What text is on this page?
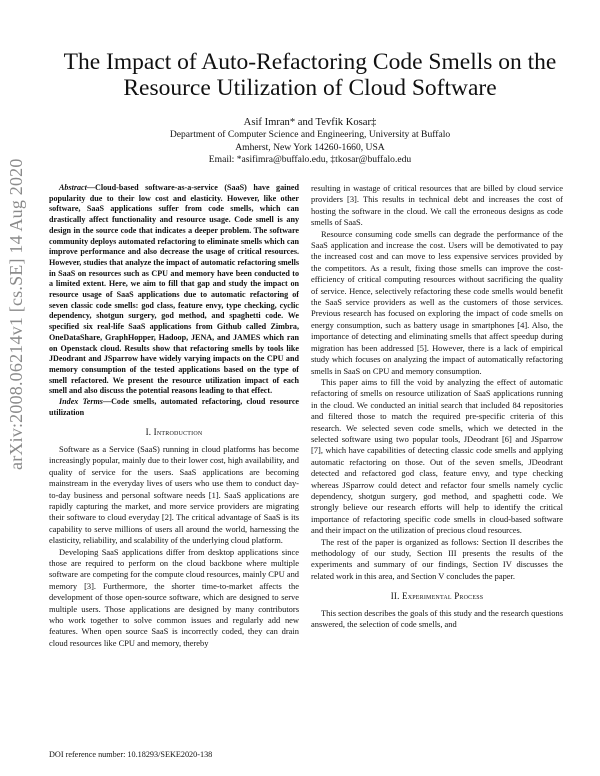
arXiv:2008.06214v1 [cs.SE] 14 Aug 2020
The Impact of Auto-Refactoring Code Smells on the Resource Utilization of Cloud Software
Asif Imran* and Tevfik Kosar‡
Department of Computer Science and Engineering, University at Buffalo
Amherst, New York 14260-1660, USA
Email: *asifimra@buffalo.edu, ‡tkosar@buffalo.edu

Abstract—Cloud-based software-as-a-service (SaaS) have gained popularity due to their low cost and elasticity. However, like other software, SaaS applications suffer from code smells, which can drastically affect functionality and resource usage. Code smell is any design in the source code that indicates a deeper problem. The software community deploys automated refactoring to eliminate smells which can improve performance and also decrease the usage of critical resources. However, studies that analyze the impact of automatic refactoring smells in SaaS on resources such as CPU and memory have been conducted to a limited extent. Here, we aim to fill that gap and study the impact on resource usage of SaaS applications due to automatic refactoring of seven classic code smells: god class, feature envy, type checking, cyclic dependency, shotgun surgery, god method, and spaghetti code. We specified six real-life SaaS applications from Github called Zimbra, OneDataShare, GraphHopper, Hadoop, JENA, and JAMES which ran on Openstack cloud. Results show that refactoring smells by tools like JDeodrant and JSparrow have widely varying impacts on the CPU and memory consumption of the tested applications based on the type of smell refactored. We present the resource utilization impact of each smell and also discuss the potential reasons leading to that effect.

Index Terms—Code smells, automated refactoring, cloud resource utilization

I. Introduction

Software as a Service (SaaS) running in cloud platforms has become increasingly popular, mainly due to their lower cost, high availability, and quality of service for the users. SaaS applications are becoming mainstream in the everyday lives of users who use them to conduct day-to-day business and personal software needs [1]. SaaS applications are rapidly capturing the market, and more service providers are migrating their software to cloud everyday [2]. The critical advantage of SaaS is its capability to serve millions of users all around the world, harnessing the elasticity, reliability, and scalability of the underlying cloud platform.

Developing SaaS applications differ from desktop applications since those are required to perform on the cloud backbone where multiple software are competing for the compute cloud resources, mainly CPU and memory [3]. Furthermore, the shorter time-to-market affects the development of those open-source software, which are designed to serve multiple users. Those applications are designed by many contributors who work together to solve common issues and regularly add new features. When open source SaaS is incorrectly coded, they can drain cloud resources like CPU and memory, thereby

resulting in wastage of critical resources that are billed by cloud service providers [3]. This results in technical debt and increases the cost of hosting the software in the cloud. We call the erroneous designs as code smells of SaaS.

Resource consuming code smells can degrade the performance of the SaaS application and increase the cost. Users will be demotivated to pay the increased cost and can move to less expensive services provided by the competitors. As a result, fixing those smells can improve the cost-efficiency of critical computing resources without sacrificing the quality of service. Hence, selectively refactoring these code smells would benefit the SaaS service providers as well as the customers of those services. Previous research has focused on exploring the impact of code smells on energy consumption, such as battery usage in smartphones [4]. Also, the importance of detecting and eliminating smells that affect speedup during migration has been addressed [5]. However, there is a lack of empirical study which focuses on analyzing the impact of automatically refactoring smells in SaaS on CPU and memory consumption.

This paper aims to fill the void by analyzing the effect of automatic refactoring of smells on resource utilization of SaaS applications running in the cloud. We conducted an initial search that included 84 repositories and filtered those to match the required pre-specific criteria of this research. We selected seven code smells, which we detected in the selected software using two popular tools, JDeodrant [6] and JSparrow [7], which have capabilities of detecting classic code smells and applying automatic refactoring on those. Out of the seven smells, JDeodrant detected and refactored god class, feature envy, and type checking whereas JSparrow could detect and refactor four smells namely cyclic dependency, shotgun surgery, god method, and spaghetti code. We strongly believe our research efforts will help to identify the critical importance of refactoring specific code smells in cloud-based software and their impact on the utilization of precious cloud resources.

The rest of the paper is organized as follows: Section II describes the methodology of our study, Section III presents the results of the experiments and summary of our findings, Section IV discusses the related work in this area, and Section V concludes the paper.

II. Experimental Process

This section describes the goals of this study and the research questions answered, the selection of code smells, and

DOI reference number: 10.18293/SEKE2020-138
